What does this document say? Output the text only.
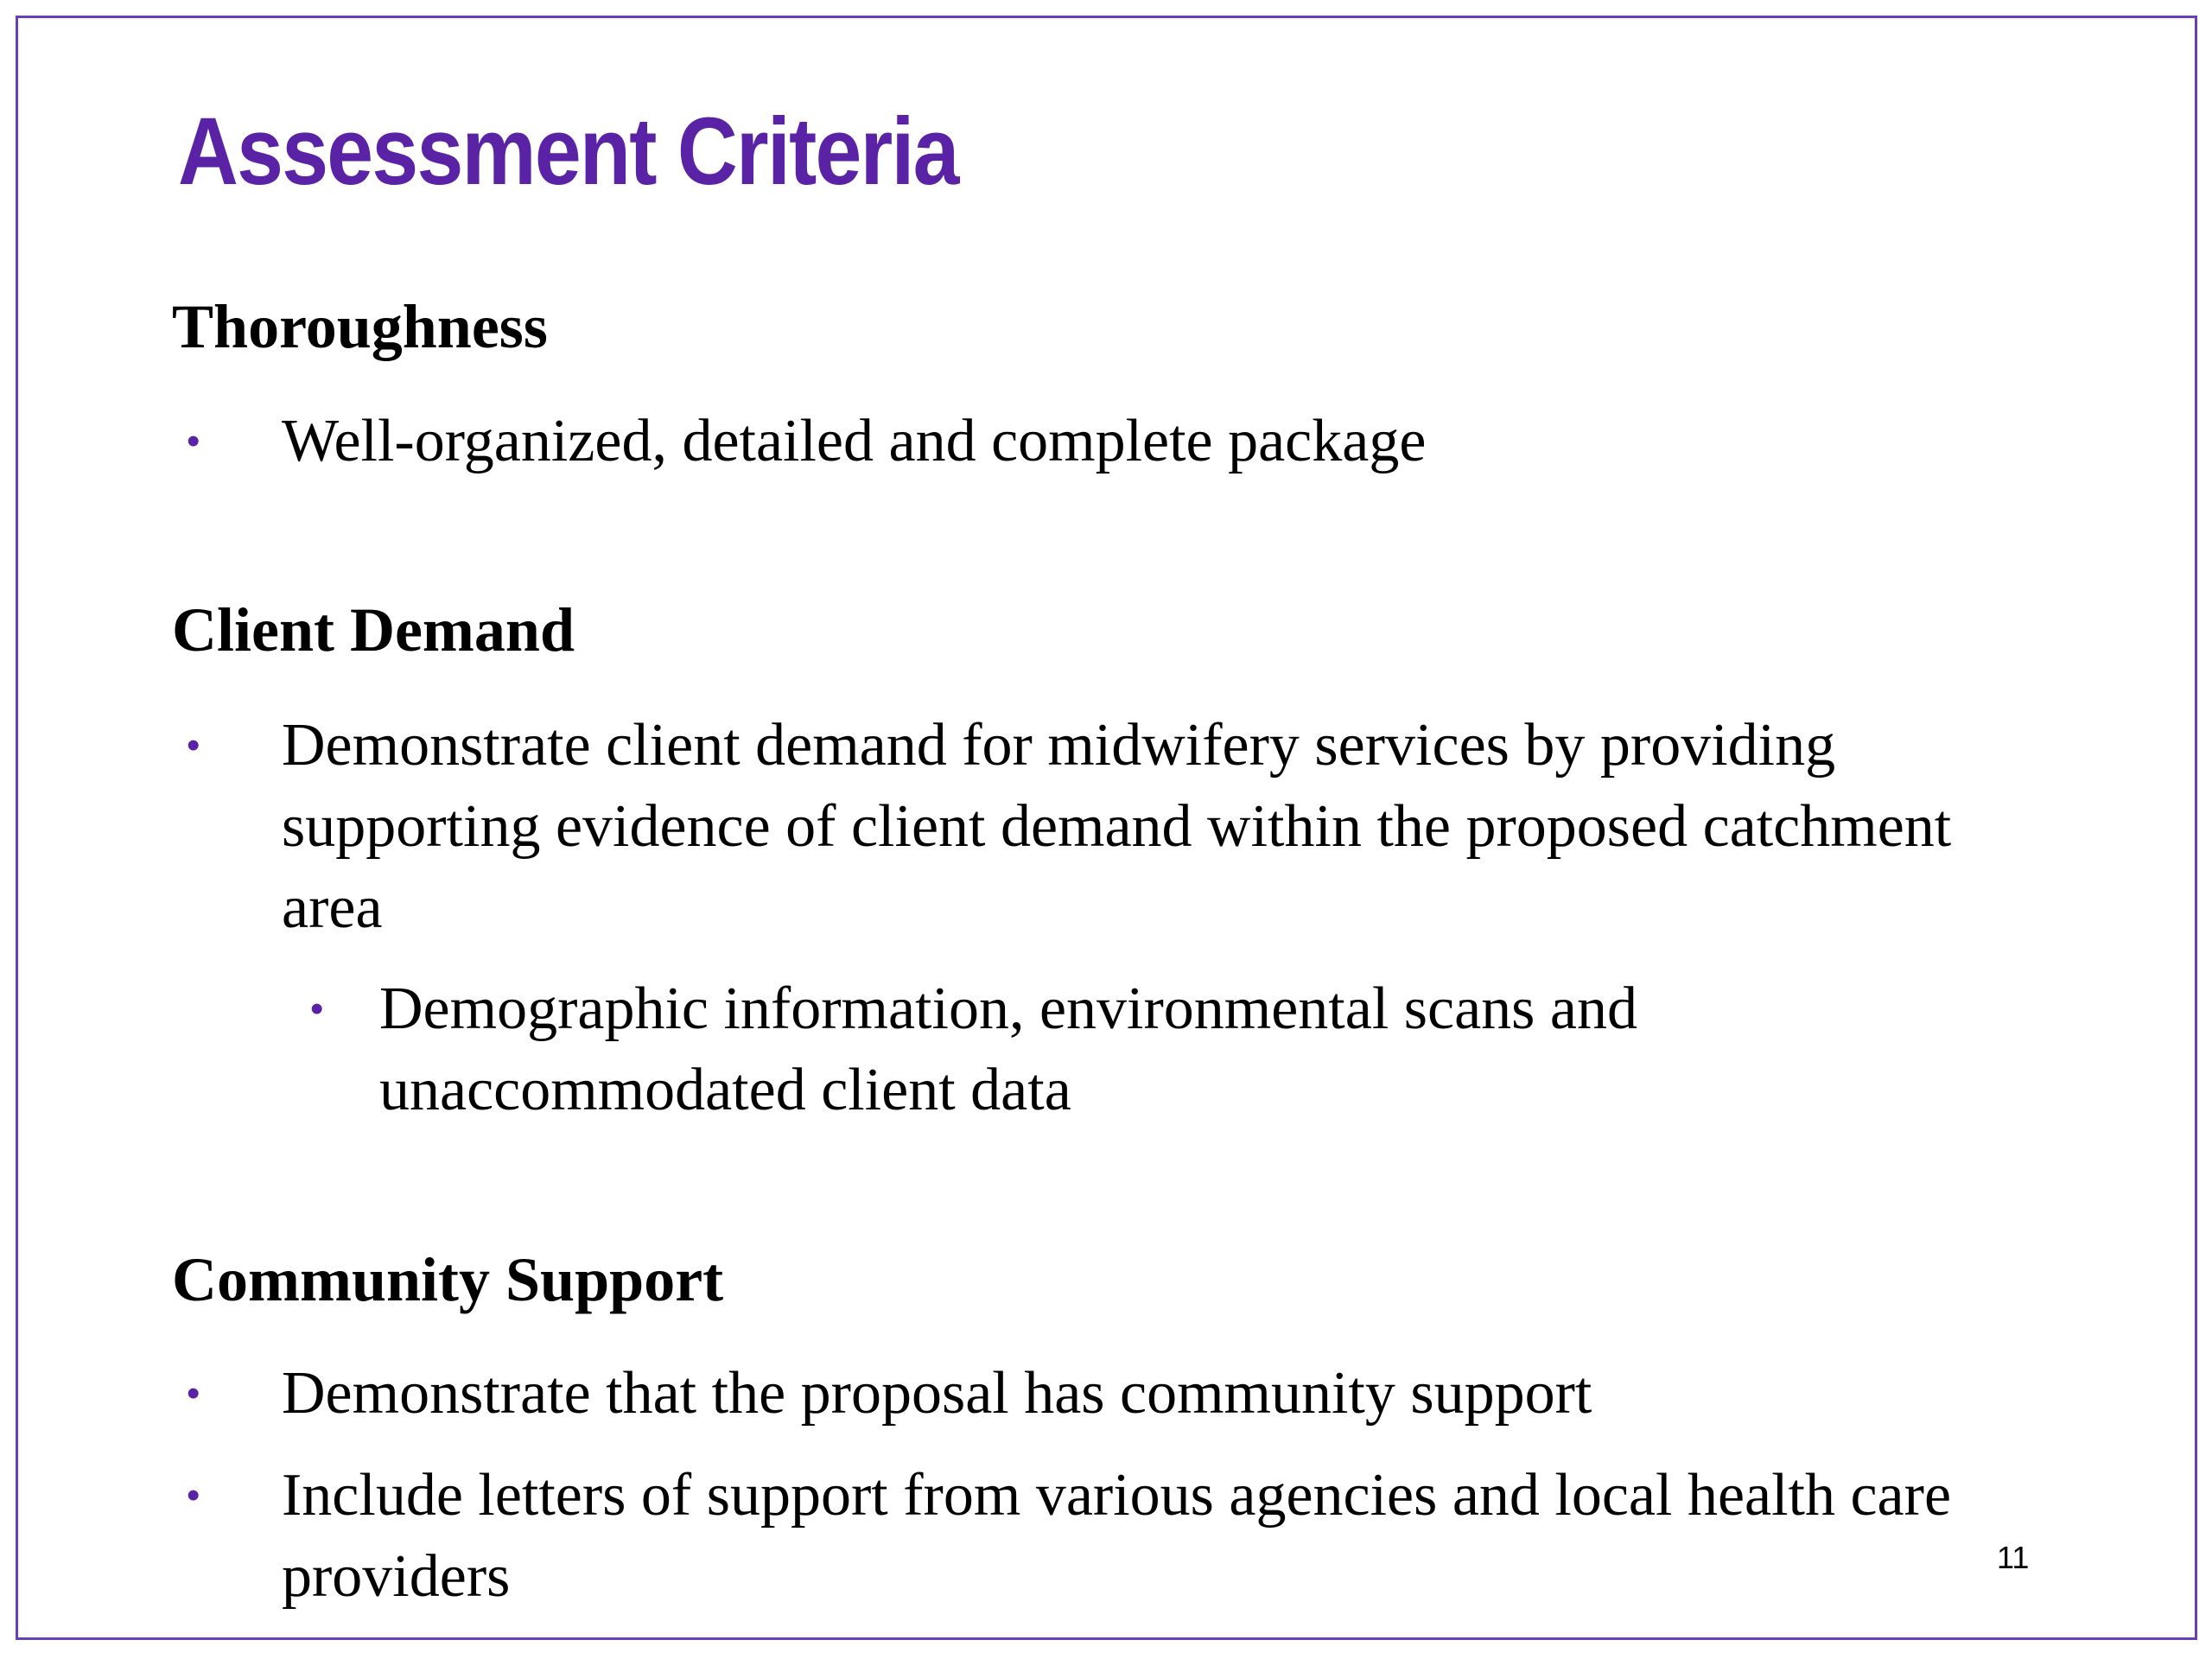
Assessment Criteria
Thoroughness
• Well-organized, detailed and complete package
Client Demand
• Demonstrate client demand for midwifery services by providing supporting evidence of client demand within the proposed catchment area
• Demographic information, environmental scans and unaccommodated client data
Community Support
• Demonstrate that the proposal has community support
• Include letters of support from various agencies and local health care providers	11
